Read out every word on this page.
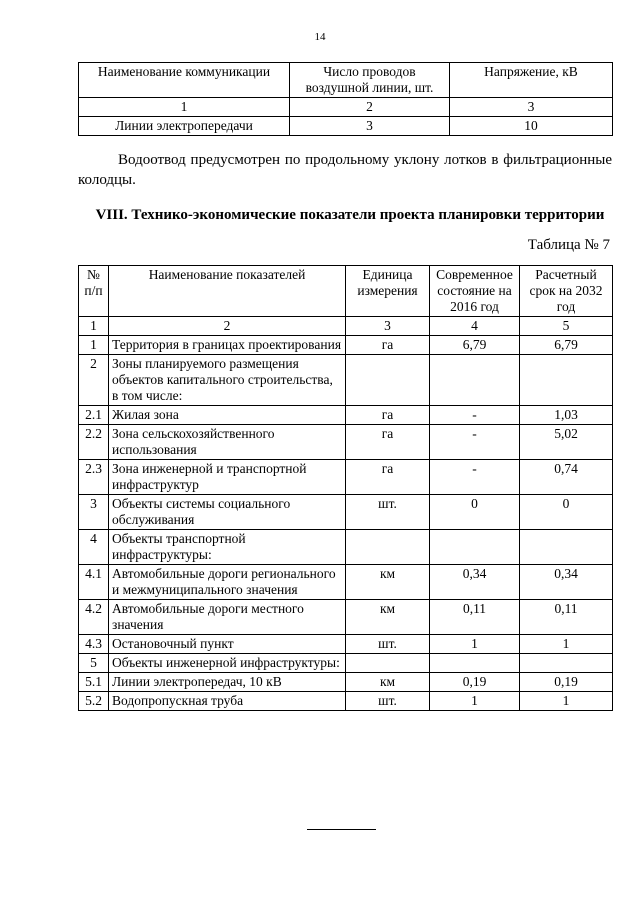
14
Наименование коммуникации	Число проводов воздушной линии, шт.	Напряжение, кВ
1	2	3
Линии электропередачи	3	10
Водоотвод предусмотрен по продольному уклону лотков в фильтрационные колодцы.
VIII. Технико-экономические показатели проекта планировки территории
Таблица № 7
№ п/п	Наименование показателей	Единица измерения	Современное состояние на 2016 год	Расчетный срок на 2032 год
1	2	3	4	5
1	Территория в границах проектирования	га	6,79	6,79
2	Зоны планируемого размещения объектов капитального строительства, в том числе:			
2.1	Жилая зона	га	-	1,03
2.2	Зона сельскохозяйственного использования	га	-	5,02
2.3	Зона инженерной и транспортной инфраструктур	га	-	0,74
3	Объекты системы социального обслуживания	шт.	0	0
4	Объекты транспортной инфраструктуры:			
4.1	Автомобильные дороги регионального и межмуниципального значения	км	0,34	0,34
4.2	Автомобильные дороги местного значения	км	0,11	0,11
4.3	Остановочный пункт	шт.	1	1
5	Объекты инженерной инфраструктуры:			
5.1	Линии электропередач, 10 кВ	км	0,19	0,19
5.2	Водопропускная труба	шт.	1	1
